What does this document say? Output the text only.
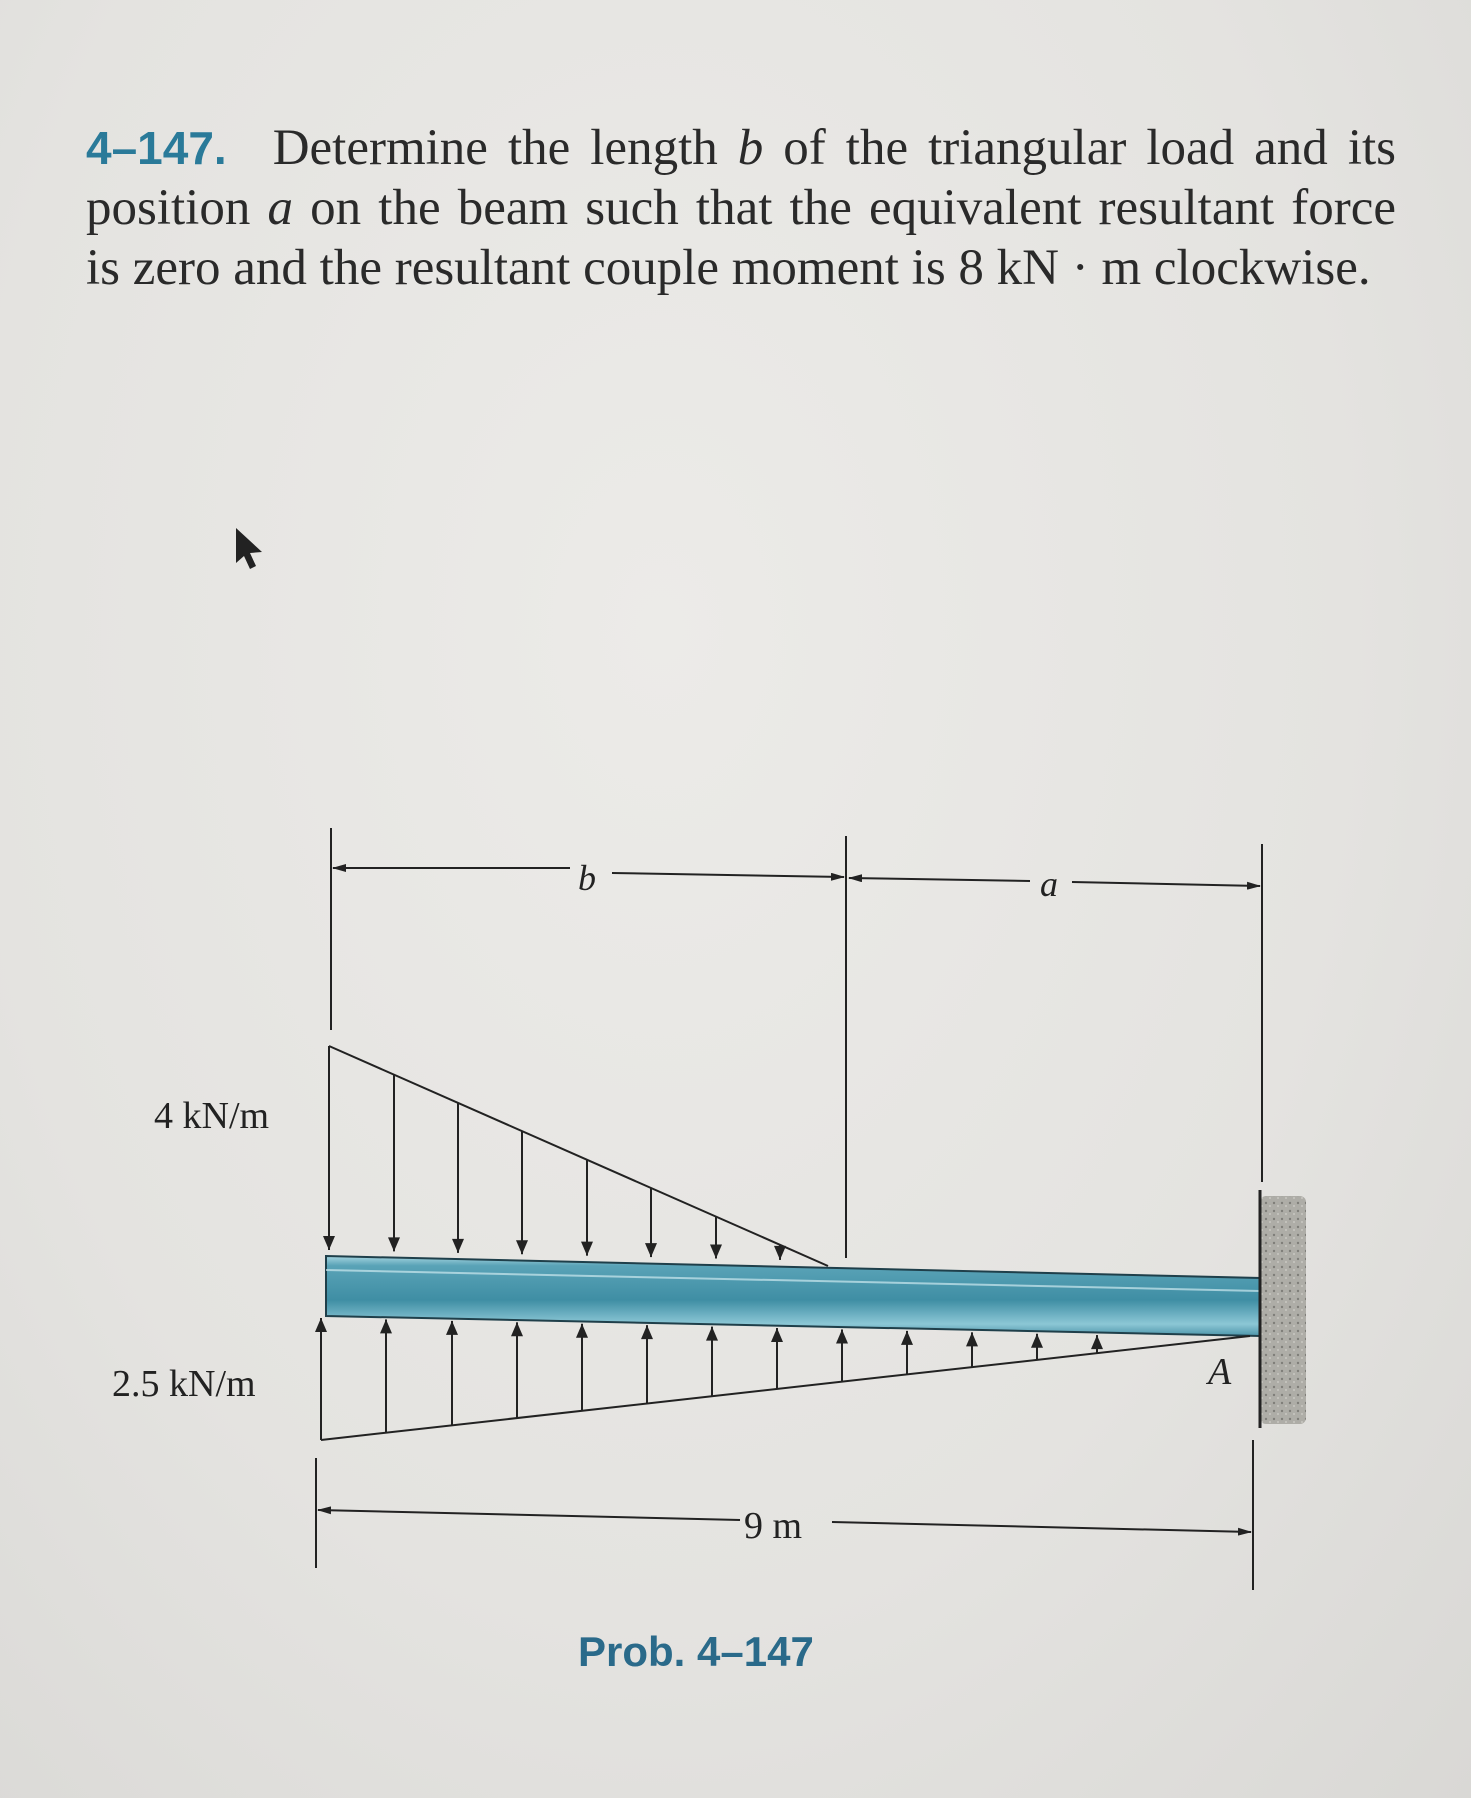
4–147. Determine the length b of the triangular load and its position a on the beam such that the equivalent resultant force is zero and the resultant couple moment is 8 kN · m clockwise.
b	a
4 kN/m
A
2.5 kN/m
9 m
Prob. 4–147
